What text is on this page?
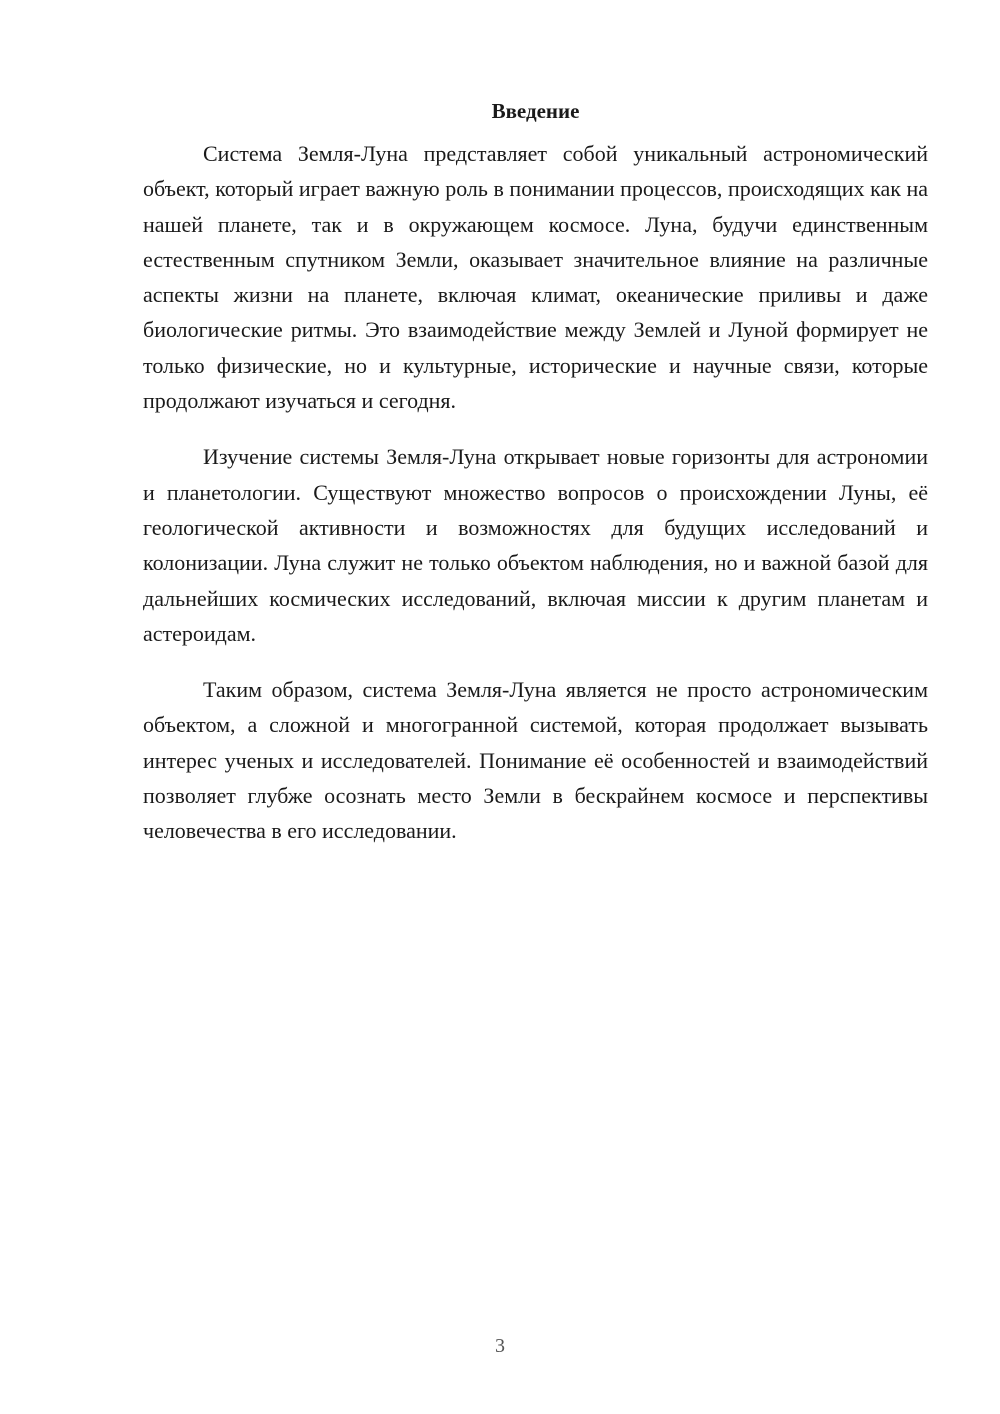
Введение

Система Земля-Луна представляет собой уникальный астрономический объект, который играет важную роль в понимании процессов, происходящих как на нашей планете, так и в окружающем космосе. Луна, будучи единственным естественным спутником Земли, оказывает значительное влияние на различные аспекты жизни на планете, включая климат, океанические приливы и даже биологические ритмы. Это взаимодействие между Землей и Луной формирует не только физические, но и культурные, исторические и научные связи, которые продолжают изучаться и сегодня.

Изучение системы Земля-Луна открывает новые горизонты для астрономии и планетологии. Существуют множество вопросов о происхождении Луны, её геологической активности и возможностях для будущих исследований и колонизации. Луна служит не только объектом наблюдения, но и важной базой для дальнейших космических исследований, включая миссии к другим планетам и астероидам.

Таким образом, система Земля-Луна является не просто астрономическим объектом, а сложной и многогранной системой, которая продолжает вызывать интерес ученых и исследователей. Понимание её особенностей и взаимодействий позволяет глубже осознать место Земли в бескрайнем космосе и перспективы человечества в его исследовании.

3
